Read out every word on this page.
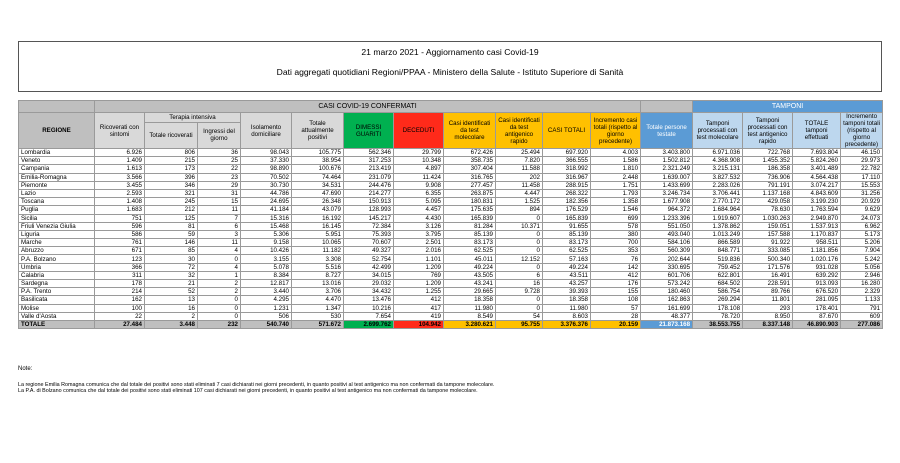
21 marzo 2021 - Aggiornamento casi Covid-19
Dati aggregati quotidiani Regioni/PPAA - Ministero della Salute - Istituto Superiore di Sanità
	CASI COVID-19 CONFERMATI												TAMPONI			
REGIONE	Ricoverati con sintomi	Terapia intensiva		Isolamento domiciliare	Totale attualmente positivi	DIMESSI GUARITI	DECEDUTI	Casi identificati da test molecolare	Casi identificati da test antigenico rapido	CASI TOTALI	Incremento casi totali (rispetto al giorno precedente)	Totale persone testate	Tamponi processati con test molecolare	Tamponi processati con test antigenico rapido	TOTALE tamponi effettuati	Incremento tamponi totali (rispetto al giorno precedente)
		Totale ricoverati	Ingressi del giorno													
Lombardia	6.926	806	36	98.043	105.775	562.346	29.799	672.426	25.494	697.920	4.003	3.403.800	6.971.036	722.768	7.693.804	46.150
Veneto	1.409	215	25	37.330	38.954	317.253	10.348	358.735	7.820	366.555	1.586	1.502.812	4.368.908	1.455.352	5.824.260	29.973
Campania	1.613	173	22	98.890	100.676	213.419	4.897	307.404	11.588	318.992	1.810	2.321.249	3.215.131	186.358	3.401.489	22.782
Emilia-Romagna	3.566	396	23	70.502	74.464	231.079	11.424	316.765	202	316.967	2.448	1.639.007	3.827.532	736.906	4.564.438	17.110
Piemonte	3.455	346	29	30.730	34.531	244.476	9.908	277.457	11.458	288.915	1.751	1.433.699	2.283.026	791.191	3.074.217	15.553
Lazio	2.593	321	31	44.786	47.690	214.277	6.355	263.875	4.447	268.322	1.793	3.246.734	3.706.441	1.137.168	4.843.609	31.256
Toscana	1.408	245	15	24.695	26.348	150.913	5.095	180.831	1.525	182.356	1.358	1.677.908	2.770.172	429.058	3.199.230	20.929
Puglia	1.683	212	11	41.184	43.079	128.993	4.457	175.635	894	176.529	1.546	964.372	1.684.964	78.630	1.763.594	9.629
Sicilia	751	125	7	15.316	16.192	145.217	4.430	165.839	0	165.839	699	1.233.396	1.919.607	1.030.263	2.949.870	24.073
Friuli Venezia Giulia	596	81	6	15.468	16.145	72.384	3.126	81.284	10.371	91.655	578	551.050	1.378.862	159.051	1.537.913	6.962
Liguria	586	59	3	5.306	5.951	75.393	3.795	85.139	0	85.139	380	493.040	1.013.249	157.588	1.170.837	5.173
Marche	761	146	11	9.158	10.065	70.607	2.501	83.173	0	83.173	700	584.106	866.589	91.922	958.511	5.206
Abruzzo	671	85	4	10.426	11.182	49.327	2.016	62.525	0	62.525	353	560.309	848.771	333.085	1.181.856	7.904
P.A. Bolzano	123	30	0	3.155	3.308	52.754	1.101	45.011	12.152	57.163	76	202.644	519.836	500.340	1.020.176	5.242
Umbria	366	72	4	5.078	5.516	42.499	1.209	49.224	0	49.224	142	330.695	759.452	171.576	931.028	5.056
Calabria	311	32	1	8.384	8.727	34.015	769	43.505	6	43.511	412	601.706	622.801	16.491	639.292	2.946
Sardegna	178	21	2	12.817	13.016	29.032	1.209	43.241	16	43.257	176	573.242	684.502	228.591	913.093	16.280
P.A. Trento	214	52	2	3.440	3.706	34.432	1.255	29.665	9.728	39.393	155	180.460	586.754	89.766	676.520	2.329
Basilicata	162	13	0	4.295	4.470	13.476	412	18.358	0	18.358	108	162.863	269.294	11.801	281.095	1.133
Molise	100	16	0	1.231	1.347	10.216	417	11.980	0	11.980	57	161.699	178.108	293	178.401	791
Valle d'Aosta	22	2	0	506	530	7.654	419	8.549	54	8.603	28	48.377	78.720	8.950	87.670	609
TOTALE	27.484	3.448	232	540.740	571.672	2.699.762	104.942	3.280.621	95.755	3.376.376	20.159	21.873.168	38.553.755	8.337.148	46.890.903	277.086
Note:
La regione Emilia Romagna comunica che dal totale dei positivi sono stati eliminati 7 casi dichiarati nei giorni precedenti, in quanto positivi al test antigenico ma non confermati da tampone molecolare.
La P.A. di Bolzano comunica che dal totale dei positivi sono stati eliminati 107 casi dichiarati nei giorni precedenti, in quanto positivi al test antigenico ma non confermati da tampone molecolare.
